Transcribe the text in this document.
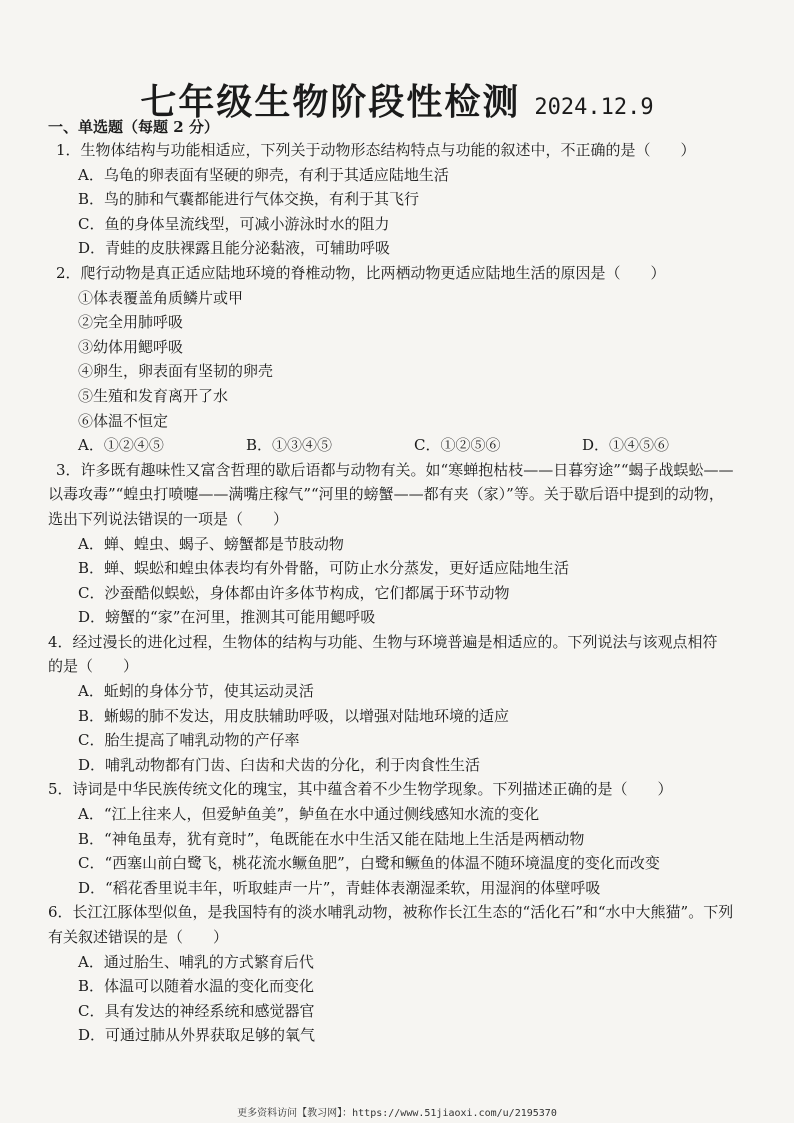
七年级生物阶段性检测 2024.12.9
一、单选题（每题 2 分）
1．生物体结构与功能相适应，下列关于动物形态结构特点与功能的叙述中，不正确的是（　　）
A．乌龟的卵表面有坚硬的卵壳，有利于其适应陆地生活
B．鸟的肺和气囊都能进行气体交换，有利于其飞行
C．鱼的身体呈流线型，可减小游泳时水的阻力
D．青蛙的皮肤裸露且能分泌黏液，可辅助呼吸
2．爬行动物是真正适应陆地环境的脊椎动物，比两栖动物更适应陆地生活的原因是（　　）
①体表覆盖角质鳞片或甲
②完全用肺呼吸
③幼体用鳃呼吸
④卵生，卵表面有坚韧的卵壳
⑤生殖和发育离开了水
⑥体温不恒定
A．①②④⑤	B．①③④⑤	C．①②⑤⑥	D．①④⑤⑥
3．许多既有趣味性又富含哲理的歇后语都与动物有关。如“寒蝉抱枯枝——日暮穷途”“蝎子战蜈蚣——
以毒攻毒”“蝗虫打喷嚏——满嘴庄稼气”“河里的螃蟹——都有夹（家）”等。关于歇后语中提到的动物，
选出下列说法错误的一项是（　　）
A．蝉、蝗虫、蝎子、螃蟹都是节肢动物
B．蝉、蜈蚣和蝗虫体表均有外骨骼，可防止水分蒸发，更好适应陆地生活
C．沙蚕酷似蜈蚣，身体都由许多体节构成，它们都属于环节动物
D．螃蟹的“家”在河里，推测其可能用鳃呼吸
4．经过漫长的进化过程，生物体的结构与功能、生物与环境普遍是相适应的。下列说法与该观点相符
的是（　　）
A．蚯蚓的身体分节，使其运动灵活
B．蜥蜴的肺不发达，用皮肤辅助呼吸，以增强对陆地环境的适应
C．胎生提高了哺乳动物的产仔率
D．哺乳动物都有门齿、臼齿和犬齿的分化，利于肉食性生活
5．诗词是中华民族传统文化的瑰宝，其中蕴含着不少生物学现象。下列描述正确的是（　　）
A．“江上往来人，但爱鲈鱼美”，鲈鱼在水中通过侧线感知水流的变化
B．“神龟虽寿，犹有竟时”，龟既能在水中生活又能在陆地上生活是两栖动物
C．“西塞山前白鹭飞，桃花流水鳜鱼肥”，白鹭和鳜鱼的体温不随环境温度的变化而改变
D．“稻花香里说丰年，听取蛙声一片”，青蛙体表潮湿柔软，用湿润的体壁呼吸
6．长江江豚体型似鱼，是我国特有的淡水哺乳动物，被称作长江生态的“活化石”和“水中大熊猫”。下列
有关叙述错误的是（　　）
A．通过胎生、哺乳的方式繁育后代
B．体温可以随着水温的变化而变化
C．具有发达的神经系统和感觉器官
D．可通过肺从外界获取足够的氧气
更多资料访问【教习网】：https://www.51jiaoxi.com/u/2195370
